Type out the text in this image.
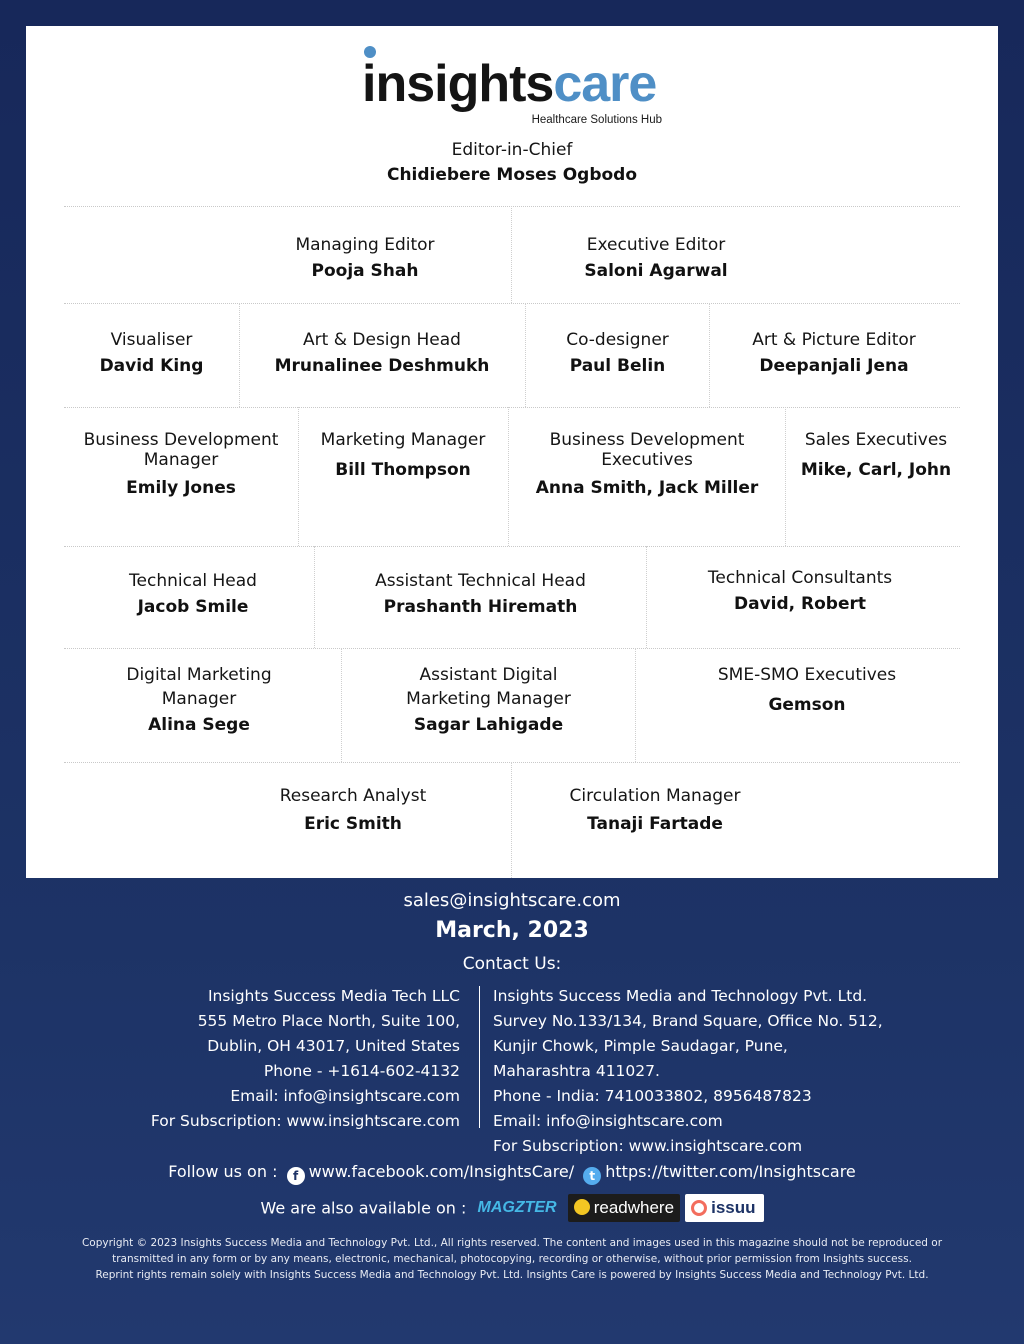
insightscare
Healthcare Solutions Hub
Editor-in-Chief
Chidiebere Moses Ogbodo
Managing Editor
Pooja Shah
Executive Editor
Saloni Agarwal
Visualiser
David King
Art & Design Head
Mrunalinee Deshmukh
Co-designer
Paul Belin
Art & Picture Editor
Deepanjali Jena
Business Development
Manager
Emily Jones
Marketing Manager
Bill Thompson
Business Development
Executives
Anna Smith, Jack Miller
Sales Executives
Mike, Carl, John
Technical Head
Jacob Smile
Assistant Technical Head
Prashanth Hiremath
Technical Consultants
David, Robert
Digital Marketing
Manager
Alina Sege
Assistant Digital
Marketing Manager
Sagar Lahigade
SME-SMO Executives
Gemson
Research Analyst
Eric Smith
Circulation Manager
Tanaji Fartade
sales@insightscare.com
March, 2023
Contact Us:
Insights Success Media Tech LLC
555 Metro Place North, Suite 100,
Dublin, OH 43017, United States
Phone - +1614-602-4132
Email: info@insightscare.com
For Subscription: www.insightscare.com
Insights Success Media and Technology Pvt. Ltd.
Survey No.133/134, Brand Square, Office No. 512,
Kunjir Chowk, Pimple Saudagar, Pune,
Maharashtra 411027.
Phone - India: 7410033802, 8956487823
Email: info@insightscare.com
For Subscription: www.insightscare.com
Follow us on : f www.facebook.com/InsightsCare/ t https://twitter.com/Insightscare
We are also available on : MAGZTER readwhere issuu
Copyright © 2023 Insights Success Media and Technology Pvt. Ltd., All rights reserved. The content and images used in this magazine should not be reproduced or
transmitted in any form or by any means, electronic, mechanical, photocopying, recording or otherwise, without prior permission from Insights success.
Reprint rights remain solely with Insights Success Media and Technology Pvt. Ltd. Insights Care is powered by Insights Success Media and Technology Pvt. Ltd.
